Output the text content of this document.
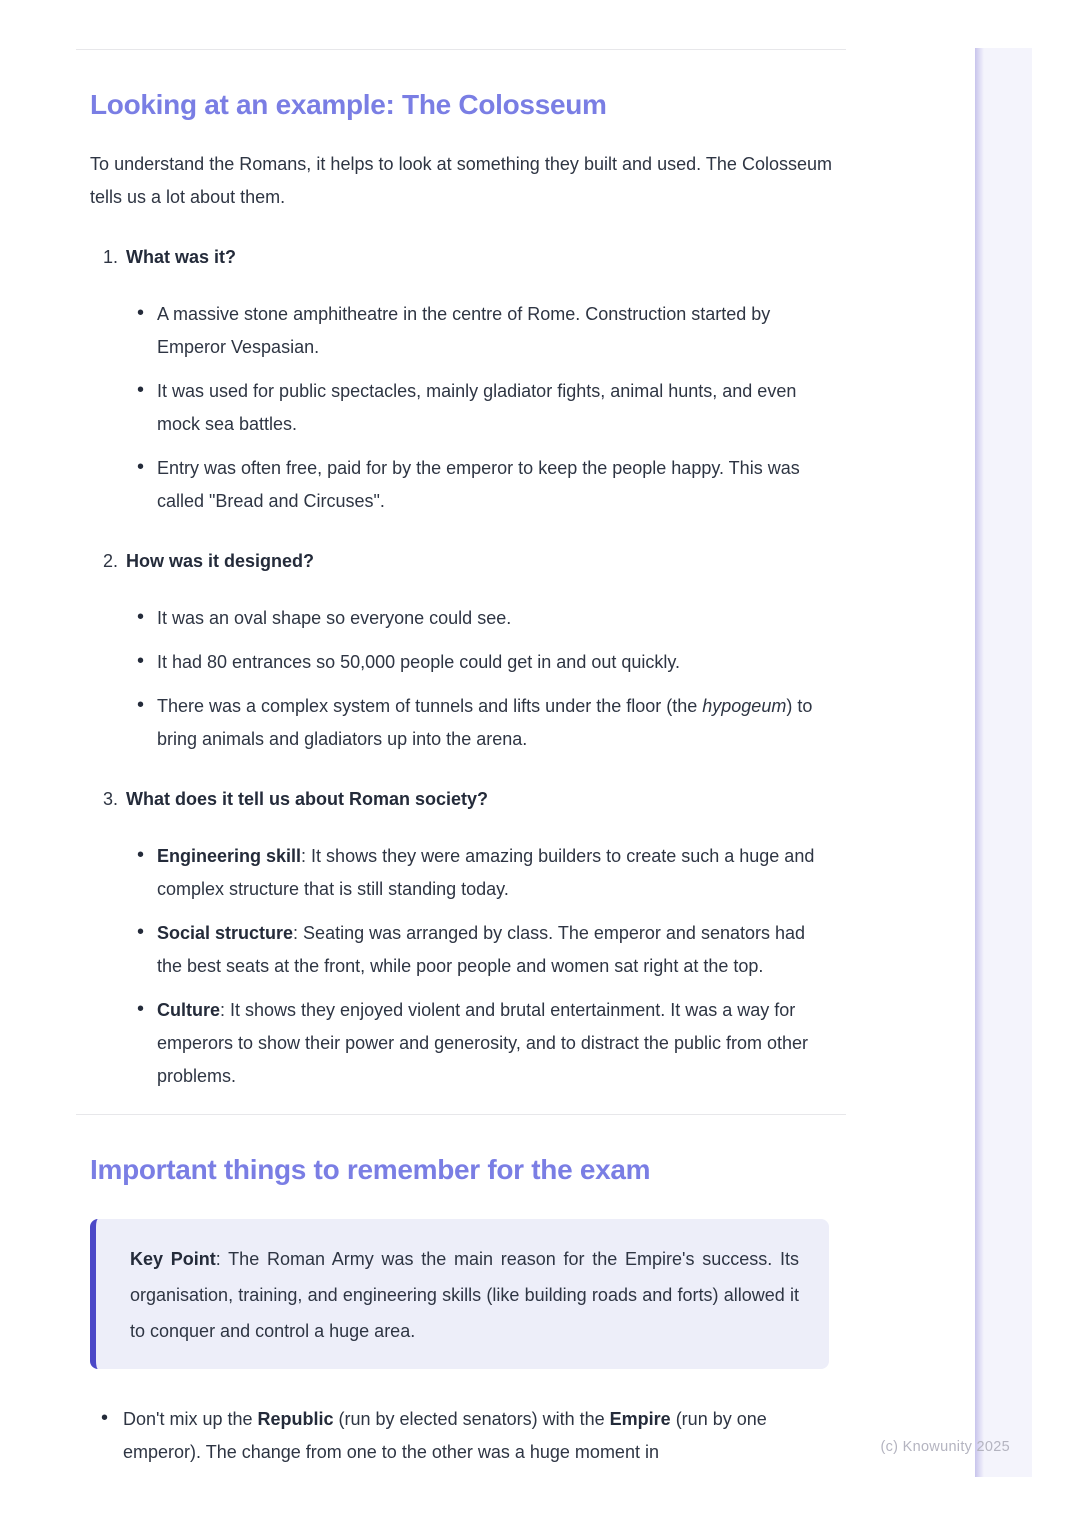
Looking at an example: The Colosseum

To understand the Romans, it helps to look at something they built and used. The Colosseum tells us a lot about them.

1. What was it?
• A massive stone amphitheatre in the centre of Rome. Construction started by Emperor Vespasian.
• It was used for public spectacles, mainly gladiator fights, animal hunts, and even mock sea battles.
• Entry was often free, paid for by the emperor to keep the people happy. This was called "Bread and Circuses".
2. How was it designed?
• It was an oval shape so everyone could see.
• It had 80 entrances so 50,000 people could get in and out quickly.
• There was a complex system of tunnels and lifts under the floor (the hypogeum) to bring animals and gladiators up into the arena.
3. What does it tell us about Roman society?
• Engineering skill: It shows they were amazing builders to create such a huge and complex structure that is still standing today.
• Social structure: Seating was arranged by class. The emperor and senators had the best seats at the front, while poor people and women sat right at the top.
• Culture: It shows they enjoyed violent and brutal entertainment. It was a way for emperors to show their power and generosity, and to distract the public from other problems.
Important things to remember for the exam

Key Point: The Roman Army was the main reason for the Empire's success. Its organisation, training, and engineering skills (like building roads and forts) allowed it to conquer and control a huge area.

• Don't mix up the Republic (run by elected senators) with the Empire (run by one emperor). The change from one to the other was a huge moment in	(c) Knowunity 2025
